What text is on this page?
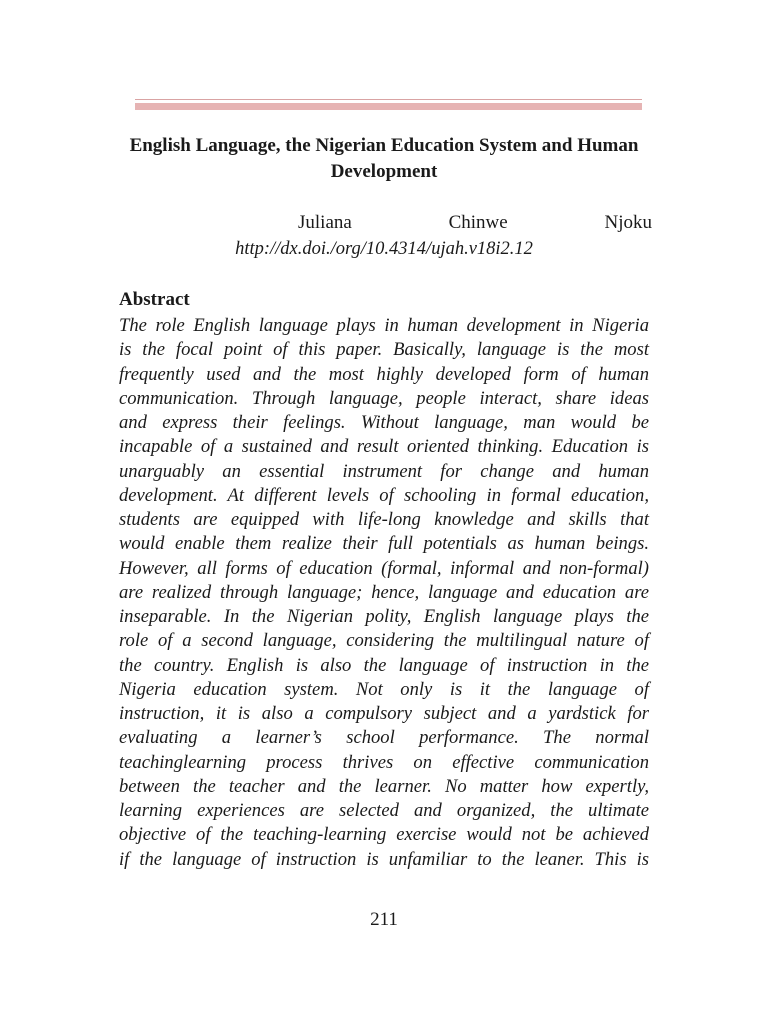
English Language, the Nigerian Education System and Human Development
Juliana	Chinwe	Njoku
http://dx.doi./org/10.4314/ujah.v18i2.12
Abstract
The role English language plays in human development in Nigeria
is the focal point of this paper. Basically, language is the most
frequently used and the most highly developed form of human
communication. Through language, people interact, share ideas
and express their feelings. Without language, man would be
incapable of a sustained and result oriented thinking. Education is
unarguably an essential instrument for change and human
development. At different levels of schooling in formal education,
students are equipped with life-long knowledge and skills that
would enable them realize their full potentials as human beings.
However, all forms of education (formal, informal and non-formal)
are realized through language; hence, language and education are
inseparable. In the Nigerian polity, English language plays the
role of a second language, considering the multilingual nature of
the country. English is also the language of instruction in the
Nigeria education system. Not only is it the language of
instruction, it is also a compulsory subject and a yardstick for
evaluating a learner’s school performance. The normal
teachinglearning process thrives on effective communication
between the teacher and the learner. No matter how expertly,
learning experiences are selected and organized, the ultimate
objective of the teaching-learning exercise would not be achieved
if the language of instruction is unfamiliar to the leaner. This is
211
